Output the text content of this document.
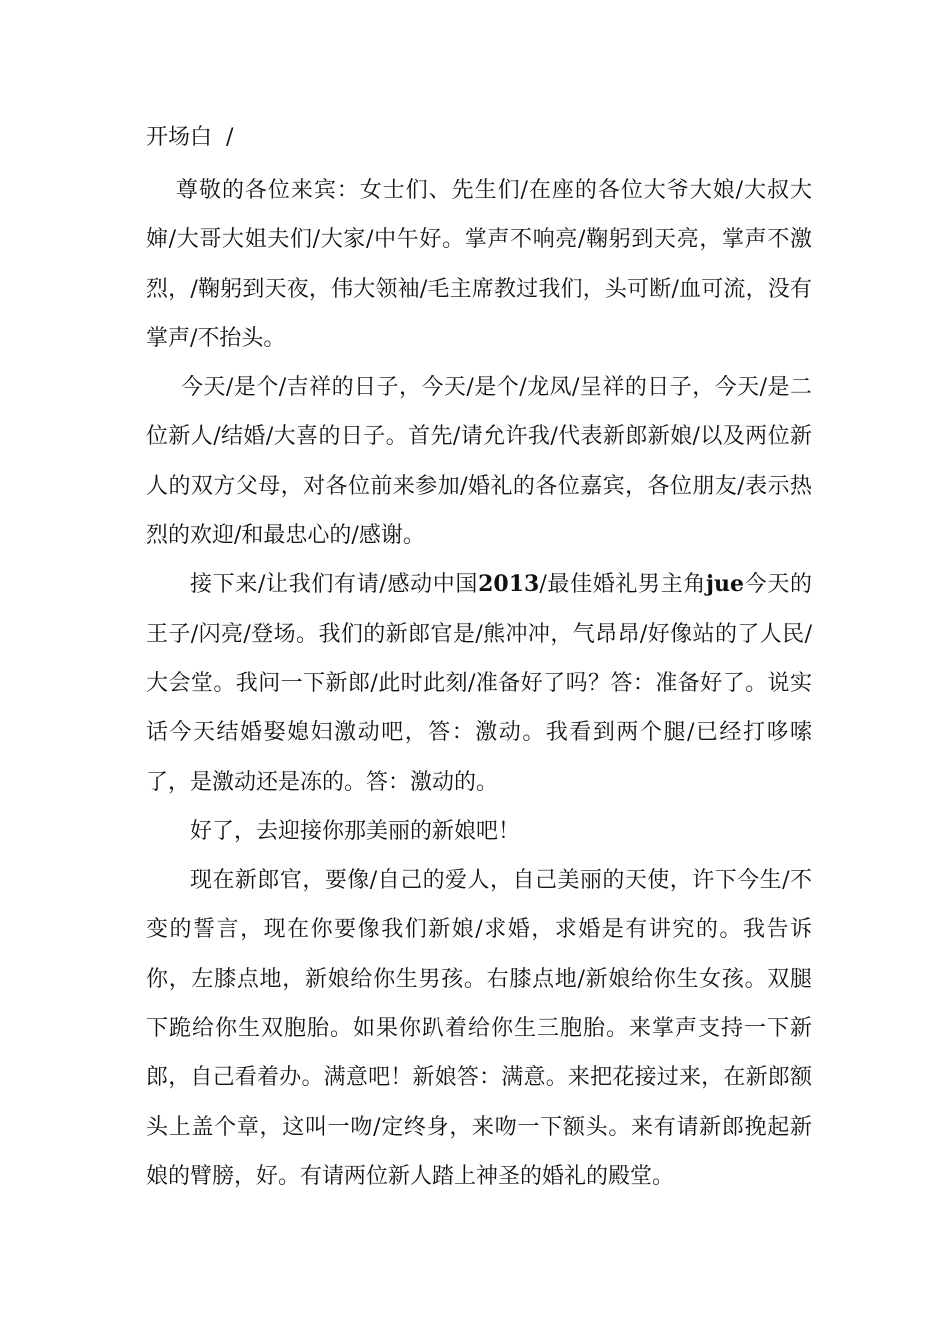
开场白  /

尊敬的各位来宾：女士们、先生们/在座的各位大爷大娘/大叔大婶/大哥大姐夫们/大家/中午好。掌声不响亮/鞠躬到天亮，掌声不激烈，/鞠躬到天夜，伟大领袖/毛主席教过我们，头可断/血可流，没有掌声/不抬头。

今天/是个/吉祥的日子，今天/是个/龙凤/呈祥的日子，今天/是二位新人/结婚/大喜的日子。首先/请允许我/代表新郎新娘/以及两位新人的双方父母，对各位前来参加/婚礼的各位嘉宾，各位朋友/表示热烈的欢迎/和最忠心的/感谢。

接下来/让我们有请/感动中国2013/最佳婚礼男主角jue今天的王子/闪亮/登场。我们的新郎官是/熊冲冲，气昂昂/好像站的了人民/大会堂。我问一下新郎/此时此刻/准备好了吗？答：准备好了。说实话今天结婚娶媳妇激动吧，答：激动。我看到两个腿/已经打哆嗦了，是激动还是冻的。答：激动的。

好了，去迎接你那美丽的新娘吧！

现在新郎官，要像/自己的爱人，自己美丽的天使，许下今生/不变的誓言，现在你要像我们新娘/求婚，求婚是有讲究的。我告诉你，左膝点地，新娘给你生男孩。右膝点地/新娘给你生女孩。双腿下跪给你生双胞胎。如果你趴着给你生三胞胎。来掌声支持一下新郎，自己看着办。满意吧！新娘答：满意。来把花接过来，在新郎额头上盖个章，这叫一吻/定终身，来吻一下额头。来有请新郎挽起新娘的臂膀，好。有请两位新人踏上神圣的婚礼的殿堂。
